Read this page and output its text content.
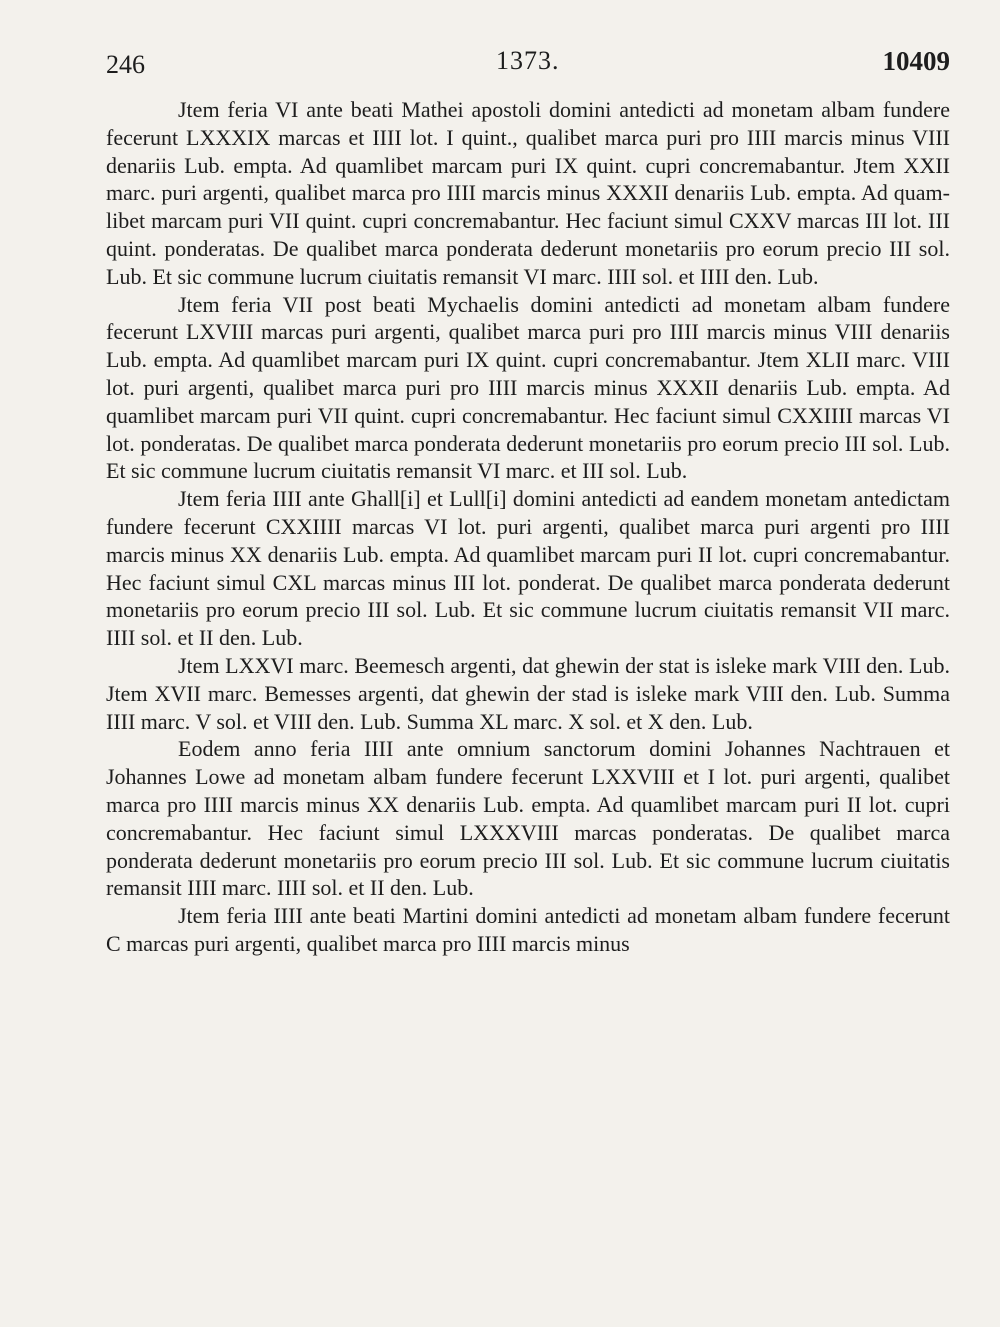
246	1373.	10409

Jtem feria VI ante beati Mathei apostoli domini antedicti ad monetam albam fundere fecerunt LXXXIX marcas et IIII lot. I quint., qualibet marca puri pro IIII marcis minus VIII denariis Lub. empta. Ad quamlibet marcam puri IX quint. cupri concremabantur. Jtem XXII marc. puri argenti, qualibet marca pro IIII marcis minus XXXII denariis Lub. empta. Ad quamlibet marcam puri VII quint. cupri concremabantur. Hec faciunt simul CXXV marcas III lot. III quint. ponderatas. De qualibet marca ponderata dederunt monetariis pro eorum precio III sol. Lub. Et sic commune lucrum ciuitatis remansit VI marc. IIII sol. et IIII den. Lub.

Jtem feria VII post beati Mychaelis domini antedicti ad monetam albam fundere fecerunt LXVIII marcas puri argenti, qualibet marca puri pro IIII marcis minus VIII denariis Lub. empta. Ad quamlibet marcam puri IX quint. cupri concremabantur. Jtem XLII marc. VIII lot. puri argenti, qualibet marca puri pro IIII marcis minus XXXII denariis Lub. empta. Ad quamlibet marcam puri VII quint. cupri concremabantur. Hec faciunt simul CXXIIII marcas VI lot. ponderatas. De qualibet marca ponderata dederunt monetariis pro eorum precio III sol. Lub. Et sic commune lucrum ciuitatis remansit VI marc. et III sol. Lub.

Jtem feria IIII ante Ghall[i] et Lull[i] domini antedicti ad eandem monetam antedictam fundere fecerunt CXXIIII marcas VI lot. puri argenti, qualibet marca puri argenti pro IIII marcis minus XX denariis Lub. empta. Ad quamlibet marcam puri II lot. cupri concremabantur. Hec faciunt simul CXL marcas minus III lot. ponderat. De qualibet marca ponderata dederunt monetariis pro eorum precio III sol. Lub. Et sic commune lucrum ciuitatis remansit VII marc. IIII sol. et II den. Lub.

Jtem LXXVI marc. Beemesch argenti, dat ghewin der stat is isleke mark VIII den. Lub. Jtem XVII marc. Bemesses argenti, dat ghewin der stad is isleke mark VIII den. Lub. Summa IIII marc. V sol. et VIII den. Lub. Summa XL marc. X sol. et X den. Lub.

Eodem anno feria IIII ante omnium sanctorum domini Johannes Nachtrauen et Johannes Lowe ad monetam albam fundere fecerunt LXXVIII et I lot. puri argenti, qualibet marca pro IIII marcis minus XX denariis Lub. empta. Ad quamlibet marcam puri II lot. cupri concremabantur. Hec faciunt simul LXXXVIII marcas ponderatas. De qualibet marca ponderata dederunt monetariis pro eorum precio III sol. Lub. Et sic commune lucrum ciuitatis remansit IIII marc. IIII sol. et II den. Lub.

Jtem feria IIII ante beati Martini domini antedicti ad monetam albam fundere fecerunt C marcas puri argenti, qualibet marca pro IIII marcis minus
